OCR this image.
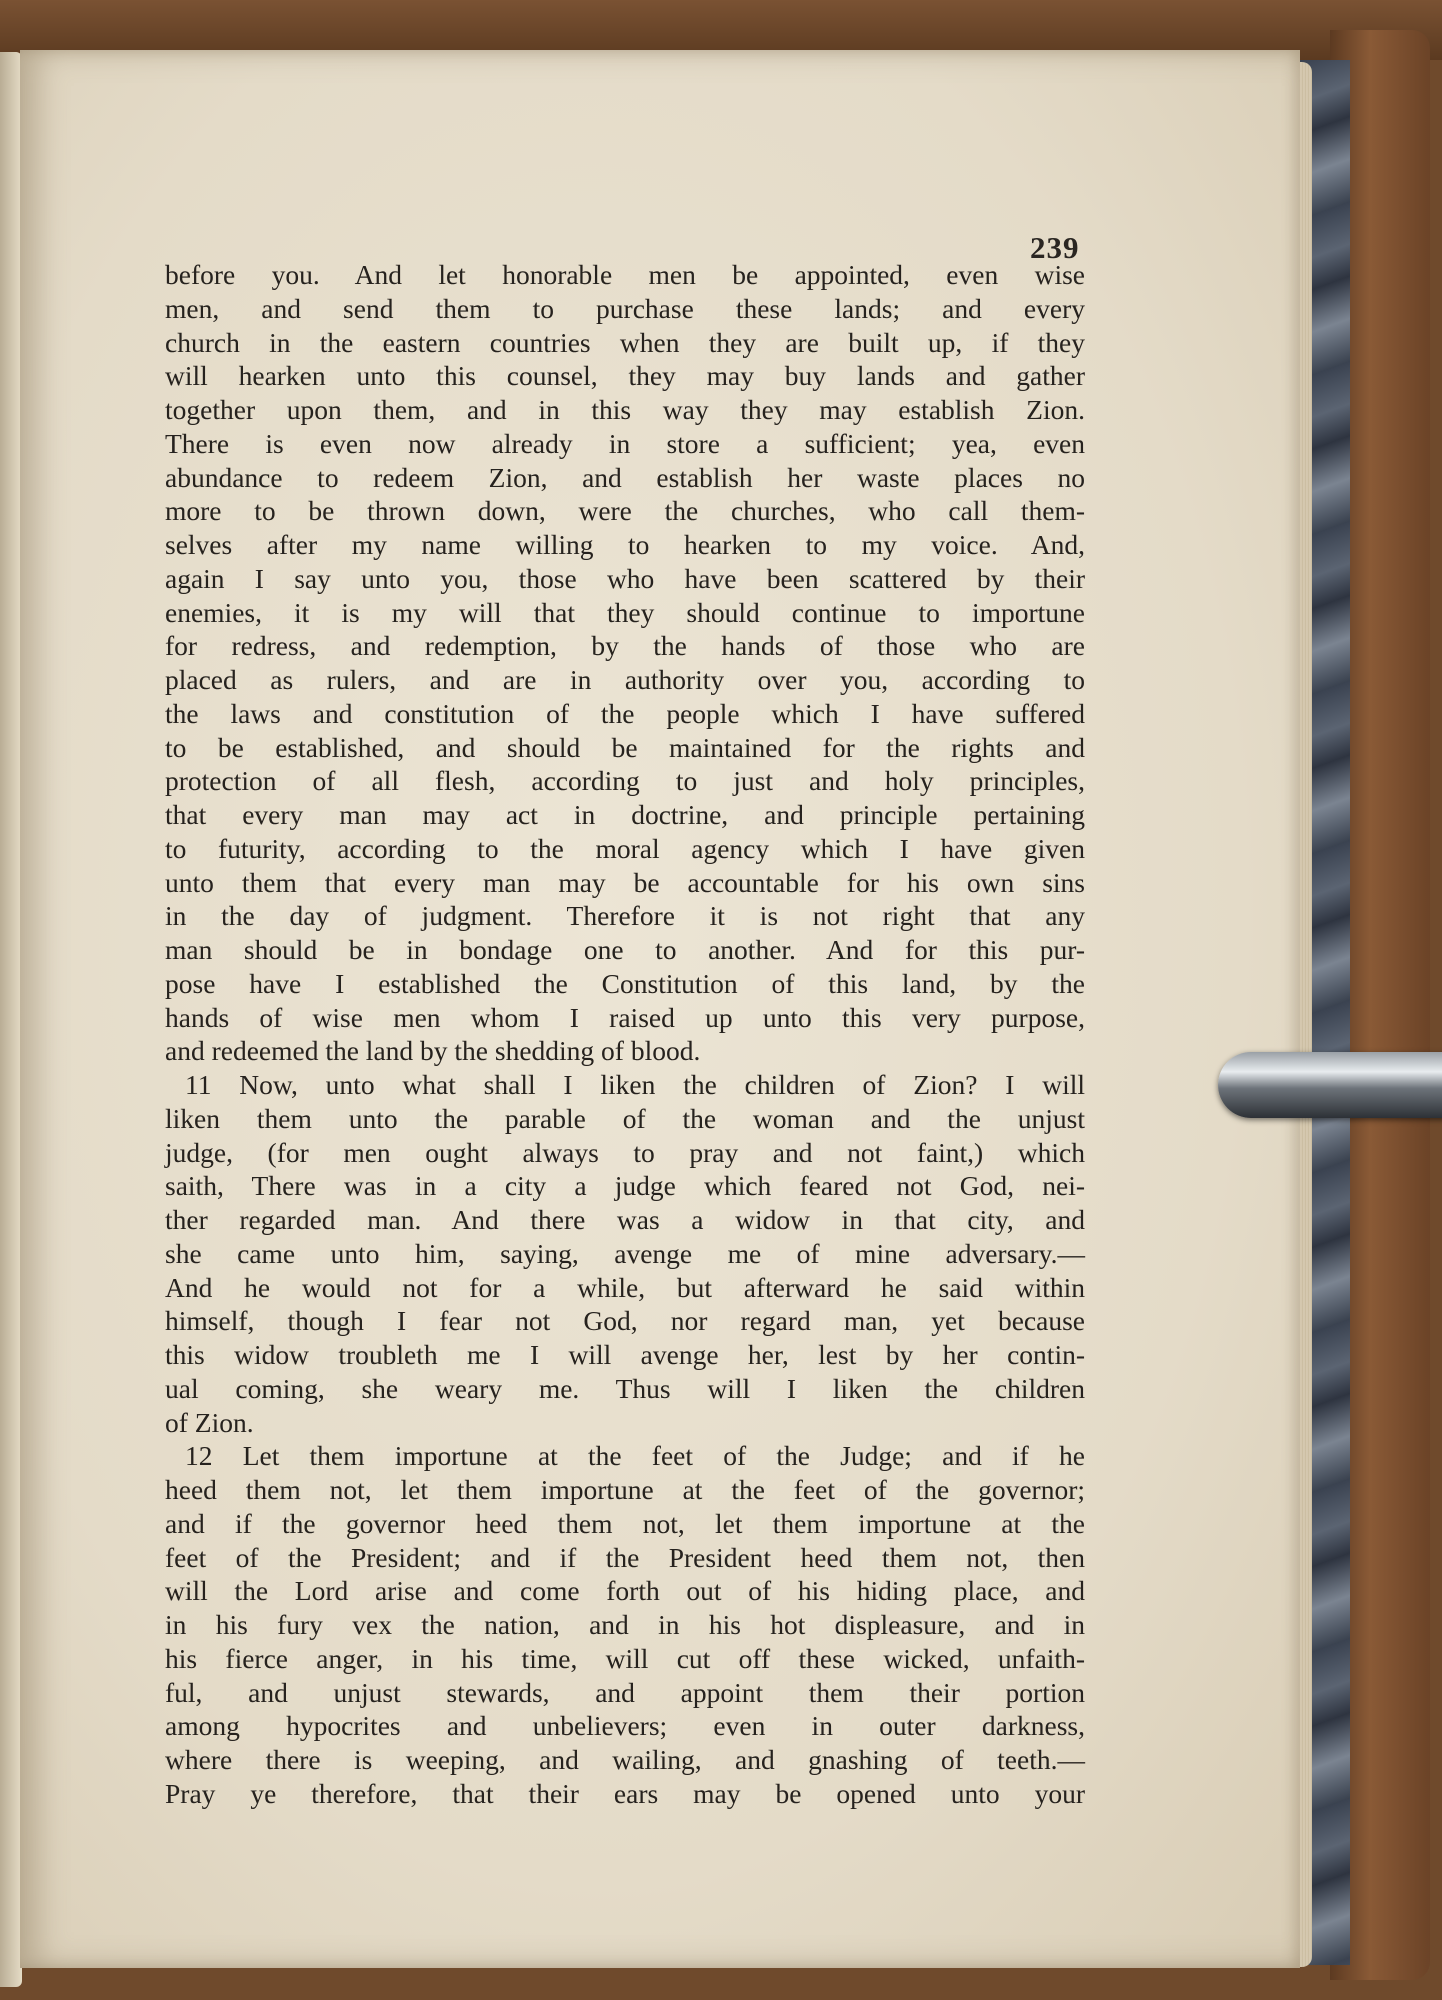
239
before you. And let honorable men be appointed, even wise
men, and send them to purchase these lands; and every
church in the eastern countries when they are built up, if they
will hearken unto this counsel, they may buy lands and gather
together upon them, and in this way they may establish Zion.
There is even now already in store a sufficient; yea, even
abundance to redeem Zion, and establish her waste places no
more to be thrown down, were the churches, who call them-
selves after my name willing to hearken to my voice. And,
again I say unto you, those who have been scattered by their
enemies, it is my will that they should continue to importune
for redress, and redemption, by the hands of those who are
placed as rulers, and are in authority over you, according to
the laws and constitution of the people which I have suffered
to be established, and should be maintained for the rights and
protection of all flesh, according to just and holy principles,
that every man may act in doctrine, and principle pertaining
to futurity, according to the moral agency which I have given
unto them that every man may be accountable for his own sins
in the day of judgment. Therefore it is not right that any
man should be in bondage one to another. And for this pur-
pose have I established the Constitution of this land, by the
hands of wise men whom I raised up unto this very purpose,
and redeemed the land by the shedding of blood.
11 Now, unto what shall I liken the children of Zion? I will
liken them unto the parable of the woman and the unjust
judge, (for men ought always to pray and not faint,) which
saith, There was in a city a judge which feared not God, nei-
ther regarded man. And there was a widow in that city, and
she came unto him, saying, avenge me of mine adversary.—
And he would not for a while, but afterward he said within
himself, though I fear not God, nor regard man, yet because
this widow troubleth me I will avenge her, lest by her contin-
ual coming, she weary me. Thus will I liken the children
of Zion.
12 Let them importune at the feet of the Judge; and if he
heed them not, let them importune at the feet of the governor;
and if the governor heed them not, let them importune at the
feet of the President; and if the President heed them not, then
will the Lord arise and come forth out of his hiding place, and
in his fury vex the nation, and in his hot displeasure, and in
his fierce anger, in his time, will cut off these wicked, unfaith-
ful, and unjust stewards, and appoint them their portion
among hypocrites and unbelievers; even in outer darkness,
where there is weeping, and wailing, and gnashing of teeth.—
Pray ye therefore, that their ears may be opened unto your
